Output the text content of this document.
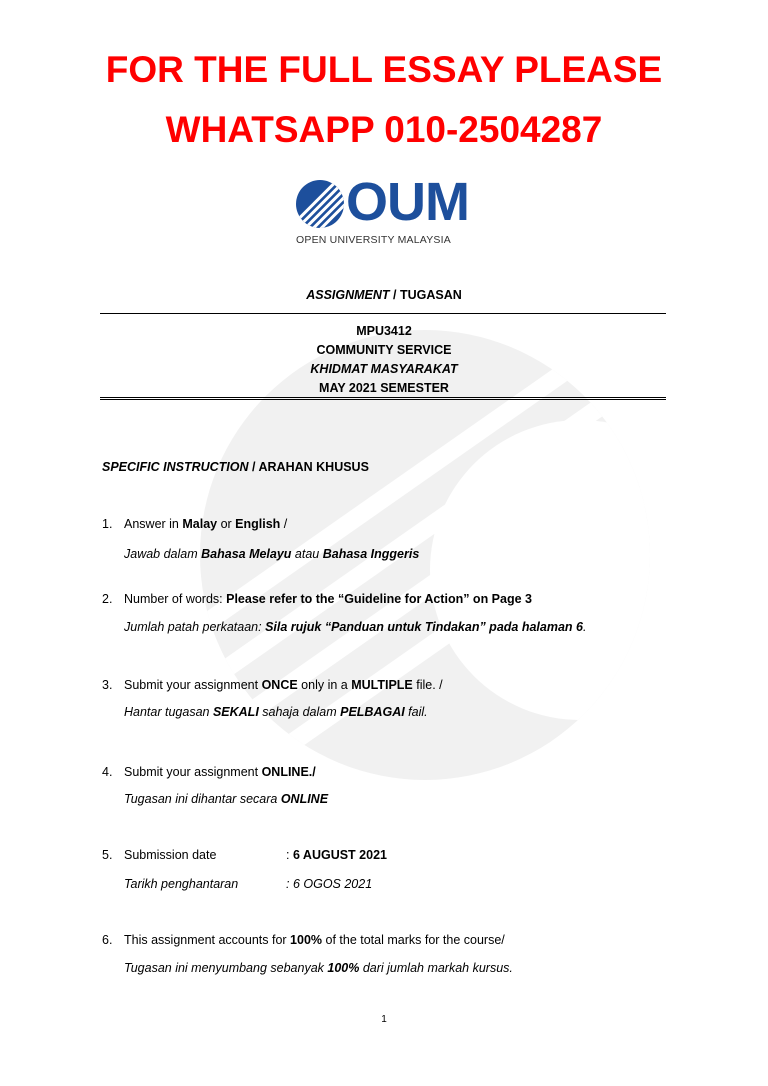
FOR THE FULL ESSAY PLEASE
WHATSAPP 010-2504287
OUM
OPEN UNIVERSITY MALAYSIA
ASSIGNMENT / TUGASAN
MPU3412
COMMUNITY SERVICE
KHIDMAT MASYARAKAT
MAY 2021 SEMESTER
SPECIFIC INSTRUCTION / ARAHAN KHUSUS
1. Answer in Malay or English /
Jawab dalam Bahasa Melayu atau Bahasa Inggeris
2. Number of words: Please refer to the “Guideline for Action” on Page 3
Jumlah patah perkataan: Sila rujuk “Panduan untuk Tindakan” pada halaman 6.
3. Submit your assignment ONCE only in a MULTIPLE file. /
Hantar tugasan SEKALI sahaja dalam PELBAGAI fail.
4. Submit your assignment ONLINE./
Tugasan ini dihantar secara ONLINE
5. Submission date	: 6 AUGUST 2021
Tarikh penghantaran	: 6 OGOS 2021
6. This assignment accounts for 100% of the total marks for the course/
Tugasan ini menyumbang sebanyak 100% dari jumlah markah kursus.
1
